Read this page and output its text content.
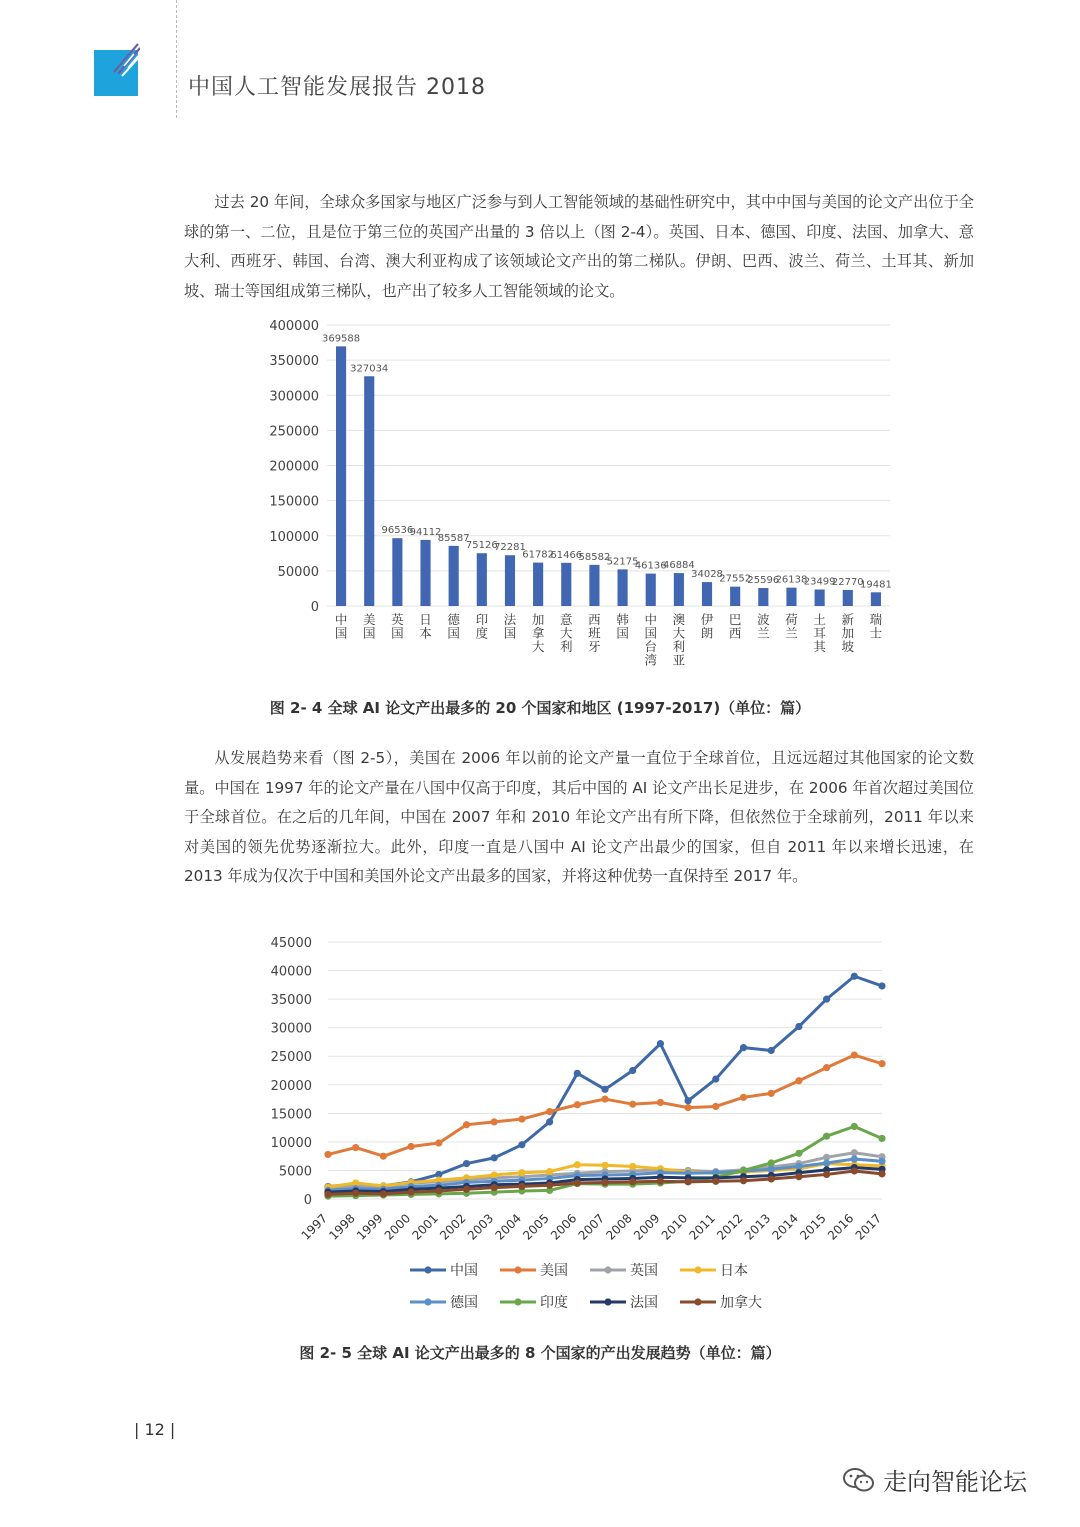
中国人工智能发展报告 2018

过去 20 年间，全球众多国家与地区广泛参与到人工智能领域的基础性研究中，其中中国与美国的论文产出位于全球的第一、二位，且是位于第三位的英国产出量的 3 倍以上（图 2-4）。英国、日本、德国、印度、法国、加拿大、意大利、西班牙、韩国、台湾、澳大利亚构成了该领域论文产出的第二梯队。伊朗、巴西、波兰、荷兰、土耳其、新加坡、瑞士等国组成第三梯队，也产出了较多人工智能领域的论文。

0
50000
100000
150000
200000
250000
300000
350000
400000
369588
中
国
327034
美
国
96536
英
国
94112
日
本
85587
德
国
75126
印
度
72281
法
国
61782
加
拿
大
61466
意
大
利
58582
西
班
牙
52175
韩
国
46136
中
国
台
湾
46884
澳
大
利
亚
34028
伊
朗
27552
巴
西
25596
波
兰
26138
荷
兰
23499
土
耳
其
22770
新
加
坡
19481
瑞
士
图 2- 4 全球 AI 论文产出最多的 20 个国家和地区 (1997-2017)（单位：篇）

从发展趋势来看（图 2-5），美国在 2006 年以前的论文产量一直位于全球首位，且远远超过其他国家的论文数量。中国在 1997 年的论文产量在八国中仅高于印度，其后中国的 AI 论文产出长足进步，在 2006 年首次超过美国位于全球首位。在之后的几年间，中国在 2007 年和 2010 年论文产出有所下降，但依然位于全球前列，2011 年以来对美国的领先优势逐渐拉大。此外，印度一直是八国中 AI 论文产出最少的国家，但自 2011 年以来增长迅速，在 2013 年成为仅次于中国和美国外论文产出最多的国家，并将这种优势一直保持至 2017 年。

0
5000
10000
15000
20000
25000
30000
35000
40000
45000
1997
1998
1999
2000
2001
2002
2003
2004
2005
2006
2007
2008
2009
2010
2011
2012
2013
2014
2015
2016
2017
中国	美国	英国	日本
德国	印度	法国	加拿大
图 2- 5 全球 AI 论文产出最多的 8 个国家的产出发展趋势（单位：篇）
| 12 |
走向智能论坛
